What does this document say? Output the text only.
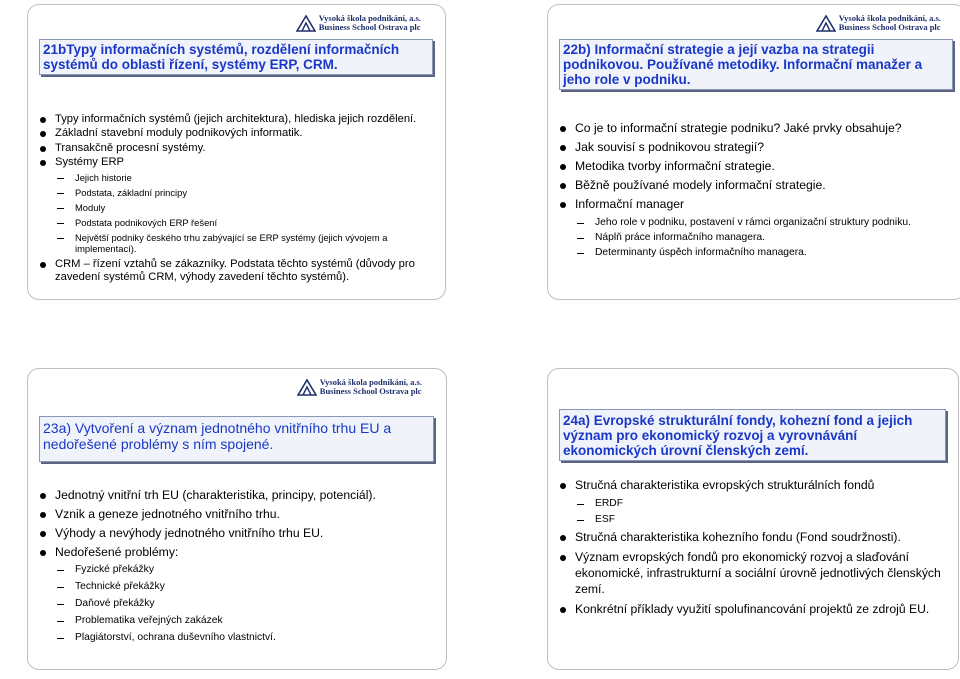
Vysoká škola podnikání, a.s.
Business School Ostrava plc
21bTypy informačních systémů, rozdělení informačních systémů do oblasti řízení, systémy ERP, CRM.
Typy informačních systémů (jejich architektura), hlediska jejich rozdělení.
Základní stavební moduly podnikových informatik.
Transakčně procesní systémy.
Systémy ERP
Jejich historie
Podstata, základní principy
Moduly
Podstata podnikových ERP řešení
Největší podniky českého trhu zabývající se ERP systémy (jejich vývojem a implementací).
CRM – řízení vztahů se zákazníky. Podstata těchto systémů (důvody pro zavedení systémů CRM, výhody zavedení těchto systémů).
Vysoká škola podnikání, a.s.
Business School Ostrava plc
22b) Informační strategie a její vazba na strategii podnikovou. Používané metodiky. Informační manažer a jeho role v podniku.
Co je to informační strategie podniku? Jaké prvky obsahuje?
Jak souvisí s podnikovou strategií?
Metodika tvorby informační strategie.
Běžně používané modely informační strategie.
Informační manager
Jeho role v podniku, postavení v rámci organizační struktury podniku.
Náplň práce informačního managera.
Determinanty úspěch informačního managera.
Vysoká škola podnikání, a.s.
Business School Ostrava plc
23a) Vytvoření a význam jednotného vnitřního trhu EU a nedořešené problémy s ním spojené.
Jednotný vnitřní trh EU (charakteristika, principy, potenciál).
Vznik a geneze jednotného vnitřního trhu.
Výhody a nevýhody jednotného vnitřního trhu EU.
Nedořešené problémy:
Fyzické překážky
Technické překážky
Daňové překážky
Problematika veřejných zakázek
Plagiátorství, ochrana duševního vlastnictví.
24a) Evropské strukturální fondy, kohezní fond a jejich význam pro ekonomický rozvoj a vyrovnávání ekonomických úrovní členských zemí.
Stručná charakteristika evropských strukturálních fondů
ERDF
ESF
Stručná charakteristika kohezního fondu (Fond soudržnosti).
Význam evropských fondů pro ekonomický rozvoj a slaďování ekonomické, infrastrukturní a sociální úrovně jednotlivých členských zemí.
Konkrétní příklady využití spolufinancování projektů ze zdrojů EU.
